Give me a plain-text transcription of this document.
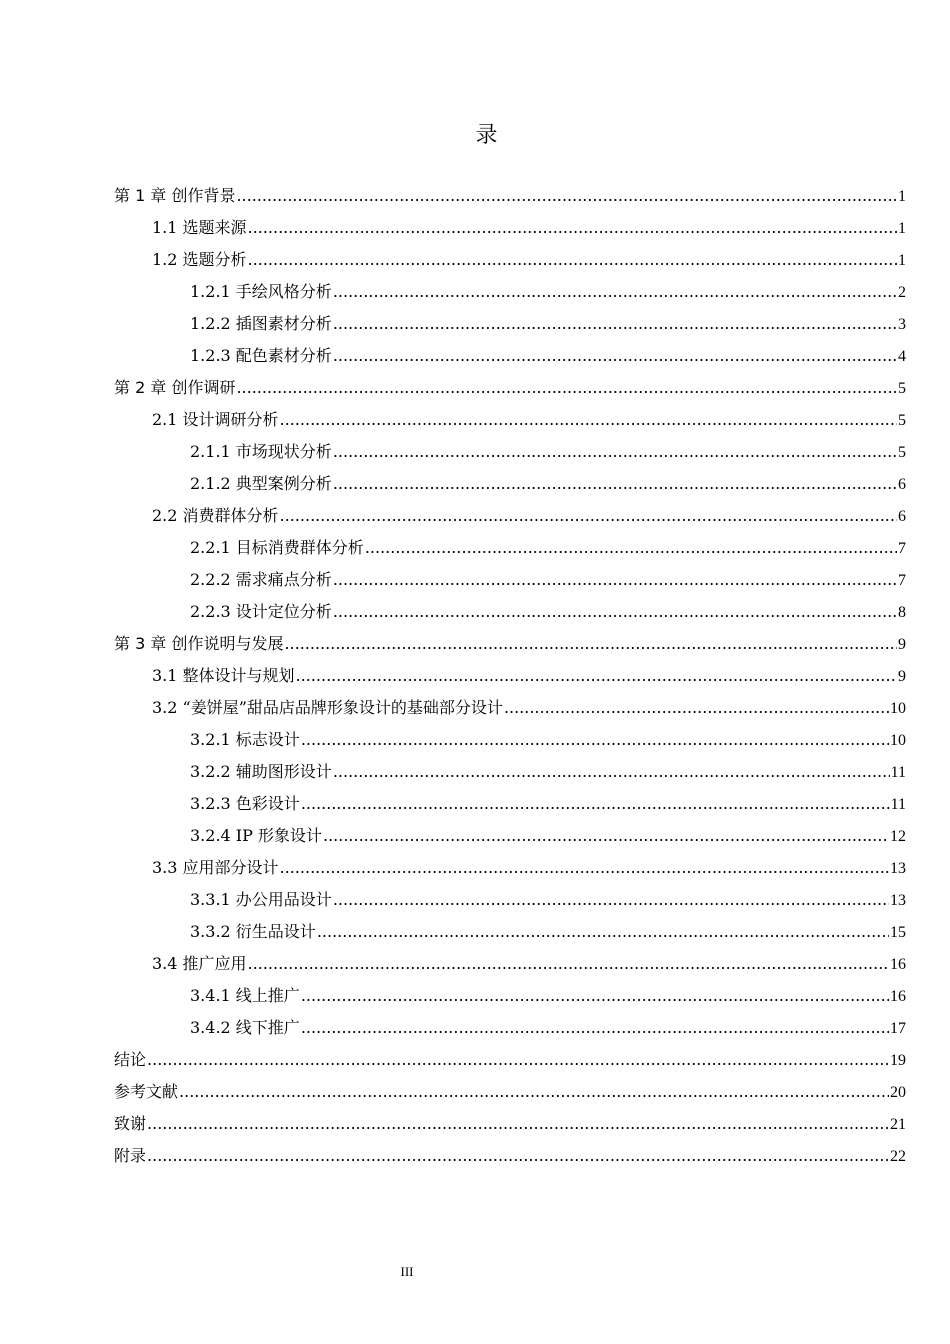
录
第 1 章 创作背景 .....	1
1.1 选题来源 .....	1
1.2 选题分析 .....	1
1.2.1 手绘风格分析 .....	2
1.2.2 插图素材分析 .....	3
1.2.3 配色素材分析 .....	4
第 2 章 创作调研 .....	5
2.1 设计调研分析 .....	5
2.1.1 市场现状分析 .....	5
2.1.2 典型案例分析 .....	6
2.2 消费群体分析 .....	6
2.2.1 目标消费群体分析 .....	7
2.2.2 需求痛点分析 .....	7
2.2.3 设计定位分析 .....	8
第 3 章 创作说明与发展 .....	9
3.1 整体设计与规划 .....	9
3.2 “姜饼屋”甜品店品牌形象设计的基础部分设计 .....	10
3.2.1 标志设计 .....	10
3.2.2 辅助图形设计 .....	11
3.2.3 色彩设计 .....	11
3.2.4 IP 形象设计 .....	12
3.3 应用部分设计 .....	13
3.3.1 办公用品设计 .....	13
3.3.2 衍生品设计 .....	15
3.4 推广应用 .....	16
3.4.1 线上推广 .....	16
3.4.2 线下推广 .....	17
结论 .....	19
参考文献 .....	20
致谢 .....	21
附录 .....	22
III
